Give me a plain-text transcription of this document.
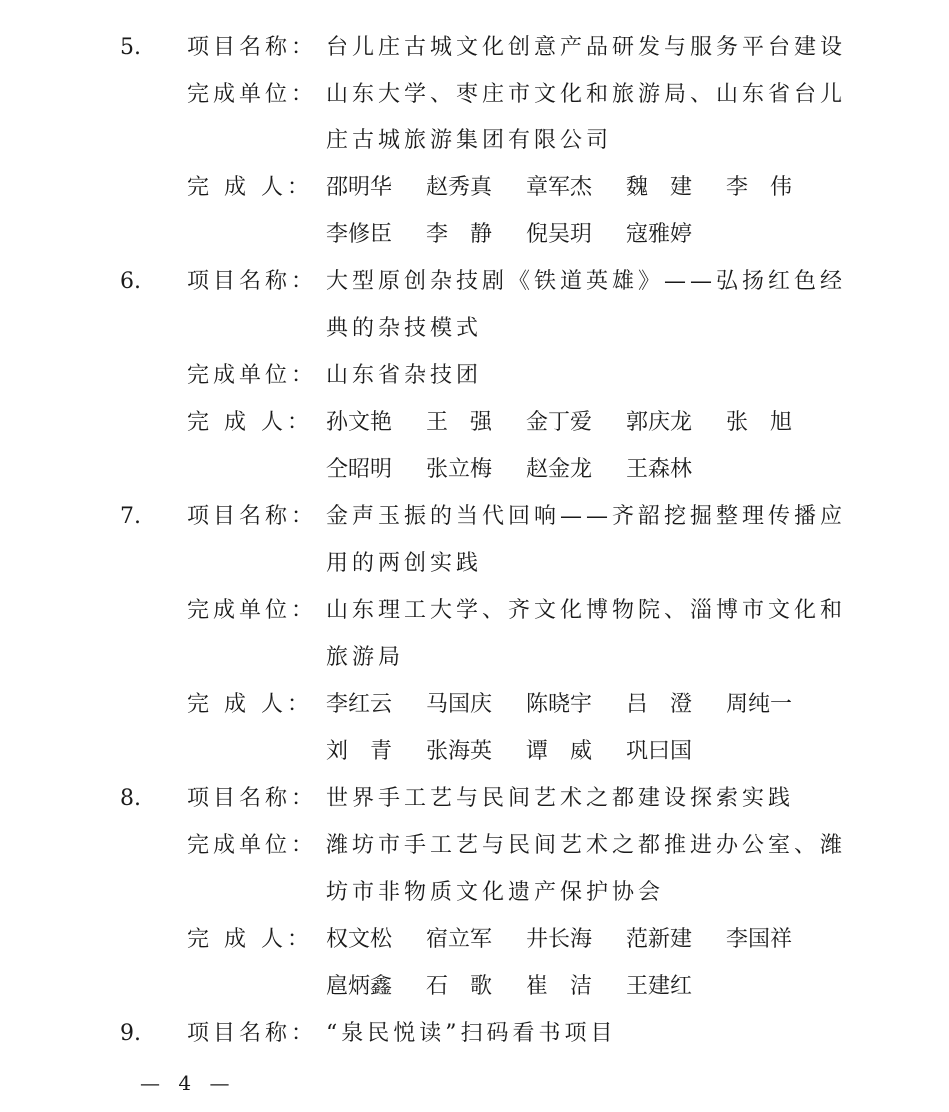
5.	项目名称： 台儿庄古城文化创意产品研发与服务平台建设
完成单位： 山东大学、枣庄市文化和旅游局、山东省台儿
庄古城旅游集团有限公司
完 成 人： 邵明华	赵秀真	章军杰	魏　建	李　伟
李修臣	李　静	倪吴玥	寇雅婷
6.	项目名称： 大型原创杂技剧《铁道英雄》——弘扬红色经
典的杂技模式
完成单位： 山东省杂技团
完 成 人： 孙文艳	王　强	金丁爱	郭庆龙	张　旭
仝昭明	张立梅	赵金龙	王森林
7.	项目名称： 金声玉振的当代回响——齐韶挖掘整理传播应
用的两创实践
完成单位： 山东理工大学、齐文化博物院、淄博市文化和
旅游局
完 成 人： 李红云	马国庆	陈晓宇	吕　澄	周纯一
刘　青	张海英	谭　威	巩曰国
8.	项目名称： 世界手工艺与民间艺术之都建设探索实践
完成单位： 潍坊市手工艺与民间艺术之都推进办公室、潍
坊市非物质文化遗产保护协会
完 成 人： 权文松	宿立军	井长海	范新建	李国祥
扈炳鑫	石　歌	崔　洁	王建红
9.	项目名称： “泉民悦读”扫码看书项目
— 4 —
